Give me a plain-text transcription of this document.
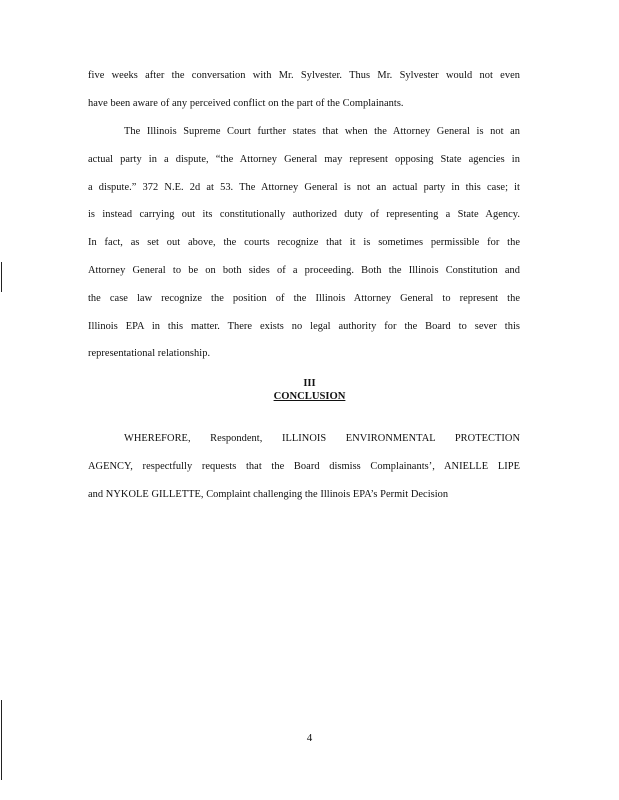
five weeks after the conversation with Mr. Sylvester. Thus Mr. Sylvester would not even
have been aware of any perceived conflict on the part of the Complainants.
The Illinois Supreme Court further states that when the Attorney General is not an
actual party in a dispute, “the Attorney General may represent opposing State agencies in
a dispute.” 372 N.E. 2d at 53. The Attorney General is not an actual party in this case; it
is instead carrying out its constitutionally authorized duty of representing a State Agency.
In fact, as set out above, the courts recognize that it is sometimes permissible for the
Attorney General to be on both sides of a proceeding. Both the Illinois Constitution and
the case law recognize the position of the Illinois Attorney General to represent the
Illinois EPA in this matter. There exists no legal authority for the Board to sever this
representational relationship.
III
CONCLUSION
WHEREFORE, Respondent, ILLINOIS ENVIRONMENTAL PROTECTION
AGENCY, respectfully requests that the Board dismiss Complainants’, ANIELLE LIPE
and NYKOLE GILLETTE, Complaint challenging the Illinois EPA’s Permit Decision
4
